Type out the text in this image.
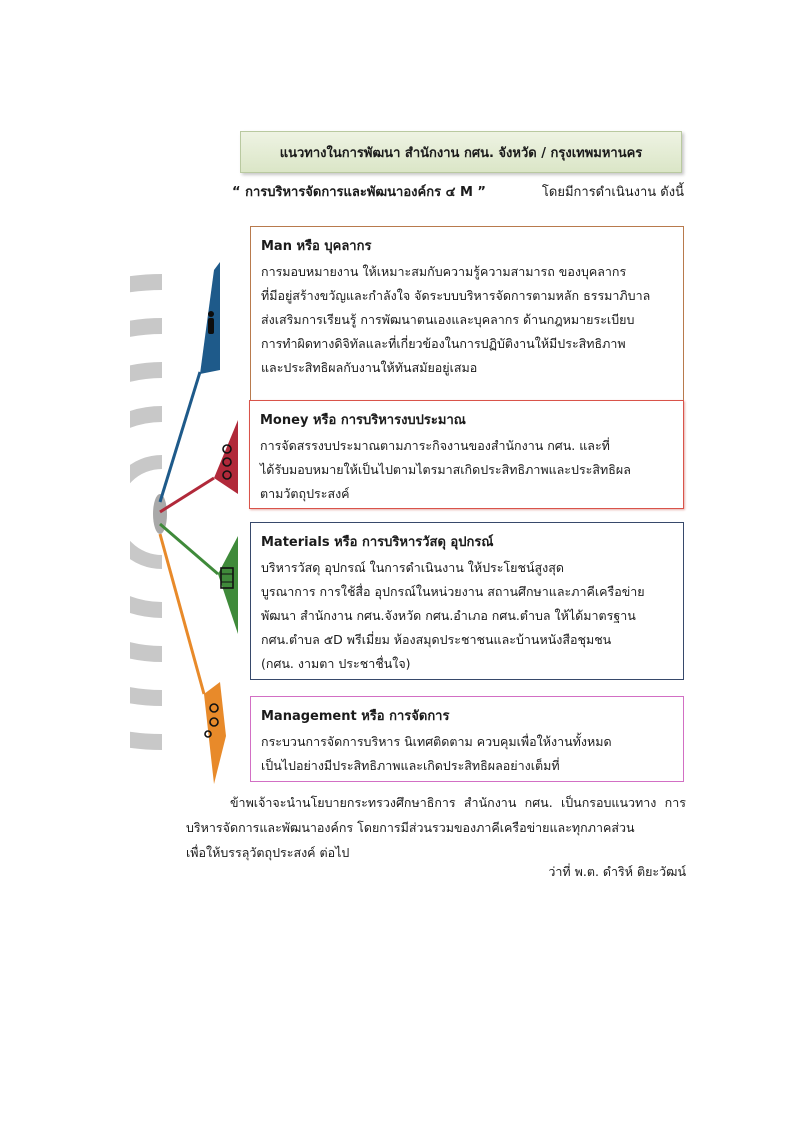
แนวทางในการพัฒนา สำนักงาน กศน. จังหวัด / กรุงเทพมหานคร
“ การบริหารจัดการและพัฒนาองค์กร ๔ M ”	โดยมีการดำเนินงาน ดังนี้
Man หรือ บุคลากร
การมอบหมายงาน ให้เหมาะสมกับความรู้ความสามารถ ของบุคลากร
ที่มีอยู่สร้างขวัญและกำลังใจ จัดระบบบริหารจัดการตามหลัก ธรรมาภิบาล
ส่งเสริมการเรียนรู้ การพัฒนาตนเองและบุคลากร ด้านกฎหมายระเบียบ
การทำผิดทางดิจิทัลและที่เกี่ยวข้องในการปฏิบัติงานให้มีประสิทธิภาพ
และประสิทธิผลกับงานให้ทันสมัยอยู่เสมอ
Money หรือ การบริหารงบประมาณ
การจัดสรรงบประมาณตามภาระกิจงานของสำนักงาน กศน. และที่
ได้รับมอบหมายให้เป็นไปตามไตรมาสเกิดประสิทธิภาพและประสิทธิผล
ตามวัตถุประสงค์
Materials หรือ การบริหารวัสดุ อุปกรณ์
บริหารวัสดุ อุปกรณ์ ในการดำเนินงาน ให้ประโยชน์สูงสุด
บูรณาการ การใช้สื่อ อุปกรณ์ในหน่วยงาน สถานศึกษาและภาคีเครือข่าย
พัฒนา สำนักงาน กศน.จังหวัด กศน.อำเภอ กศน.ตำบล ให้ได้มาตรฐาน
กศน.ตำบล ๕D พรีเมี่ยม ห้องสมุดประชาชนและบ้านหนังสือชุมชน
(กศน. งามตา ประชาชื่นใจ)
Management หรือ การจัดการ
กระบวนการจัดการบริหาร นิเทศติดตาม ควบคุมเพื่อให้งานทั้งหมด
เป็นไปอย่างมีประสิทธิภาพและเกิดประสิทธิผลอย่างเต็มที่
ข้าพเจ้าจะนำนโยบายกระทรวงศึกษาธิการ สำนักงาน กศน. เป็นกรอบแนวทาง การบริหารจัดการและพัฒนาองค์กร โดยการมีส่วนรวมของภาคีเครือข่ายและทุกภาคส่วน
เพื่อให้บรรลุวัตถุประสงค์ ต่อไป
ว่าที่ พ.ต. ดำริห์ ติยะวัฒน์
